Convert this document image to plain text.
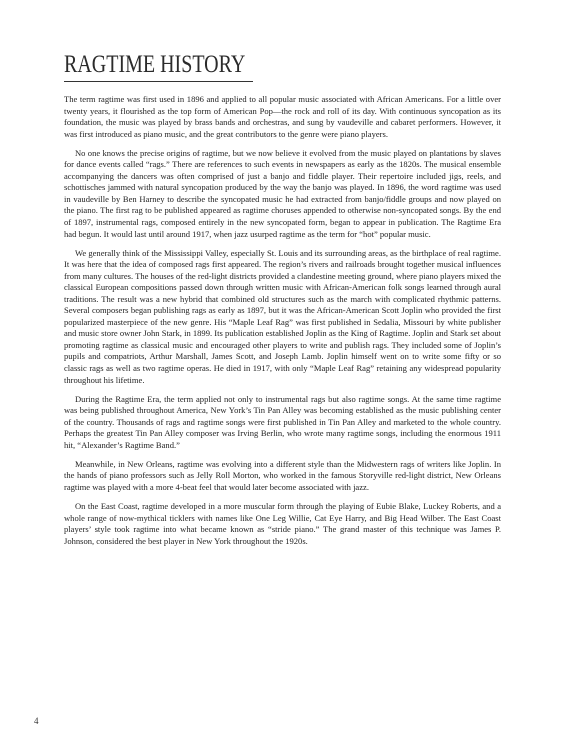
RAGTIME HISTORY

The term ragtime was first used in 1896 and applied to all popular music associated with African Americans. For a little over twenty years, it flourished as the top form of American Pop—the rock and roll of its day. With continuous syncopation as its foundation, the music was played by brass bands and orchestras, and sung by vaudeville and cabaret performers. However, it was first introduced as piano music, and the great contributors to the genre were piano players.

No one knows the precise origins of ragtime, but we now believe it evolved from the music played on plantations by slaves for dance events called “rags.” There are references to such events in newspapers as early as the 1820s. The musical ensemble accompanying the dancers was often comprised of just a banjo and fiddle player. Their repertoire included jigs, reels, and schottisches jammed with natural syncopation produced by the way the banjo was played. In 1896, the word ragtime was used in vaudeville by Ben Harney to describe the syncopated music he had extracted from banjo/fiddle groups and now played on the piano. The first rag to be published appeared as ragtime choruses appended to otherwise non-syncopated songs. By the end of 1897, instrumental rags, composed entirely in the new syncopated form, began to appear in publication. The Ragtime Era had begun. It would last until around 1917, when jazz usurped ragtime as the term for “hot” popular music.

We generally think of the Mississippi Valley, especially St. Louis and its surrounding areas, as the birthplace of real ragtime. It was here that the idea of composed rags first appeared. The region’s rivers and railroads brought together musical influences from many cultures. The houses of the red-light districts provided a clandestine meeting ground, where piano players mixed the classical European compositions passed down through written music with African-American folk songs learned through aural traditions. The result was a new hybrid that combined old structures such as the march with complicated rhythmic patterns. Several composers began publishing rags as early as 1897, but it was the African-American Scott Joplin who provided the first popularized masterpiece of the new genre. His “Maple Leaf Rag” was first published in Sedalia, Missouri by white publisher and music store owner John Stark, in 1899. Its publication established Joplin as the King of Ragtime. Joplin and Stark set about promoting ragtime as classical music and encouraged other players to write and publish rags. They included some of Joplin’s pupils and compatriots, Arthur Marshall, James Scott, and Joseph Lamb. Joplin himself went on to write some fifty or so classic rags as well as two ragtime operas. He died in 1917, with only “Maple Leaf Rag” retaining any widespread popularity throughout his lifetime.

During the Ragtime Era, the term applied not only to instrumental rags but also ragtime songs. At the same time ragtime was being published throughout America, New York’s Tin Pan Alley was becoming established as the music publishing center of the country. Thousands of rags and ragtime songs were first published in Tin Pan Alley and marketed to the whole country. Perhaps the greatest Tin Pan Alley composer was Irving Berlin, who wrote many ragtime songs, including the enormous 1911 hit, “Alexander’s Ragtime Band.”

Meanwhile, in New Orleans, ragtime was evolving into a different style than the Midwestern rags of writers like Joplin. In the hands of piano professors such as Jelly Roll Morton, who worked in the famous Storyville red-light district, New Orleans ragtime was played with a more 4-beat feel that would later become associated with jazz.

On the East Coast, ragtime developed in a more muscular form through the playing of Eubie Blake, Luckey Roberts, and a whole range of now-mythical ticklers with names like One Leg Willie, Cat Eye Harry, and Big Head Wilber. The East Coast players’ style took ragtime into what became known as “stride piano.” The grand master of this technique was James P. Johnson, considered the best player in New York throughout the 1920s.

4
